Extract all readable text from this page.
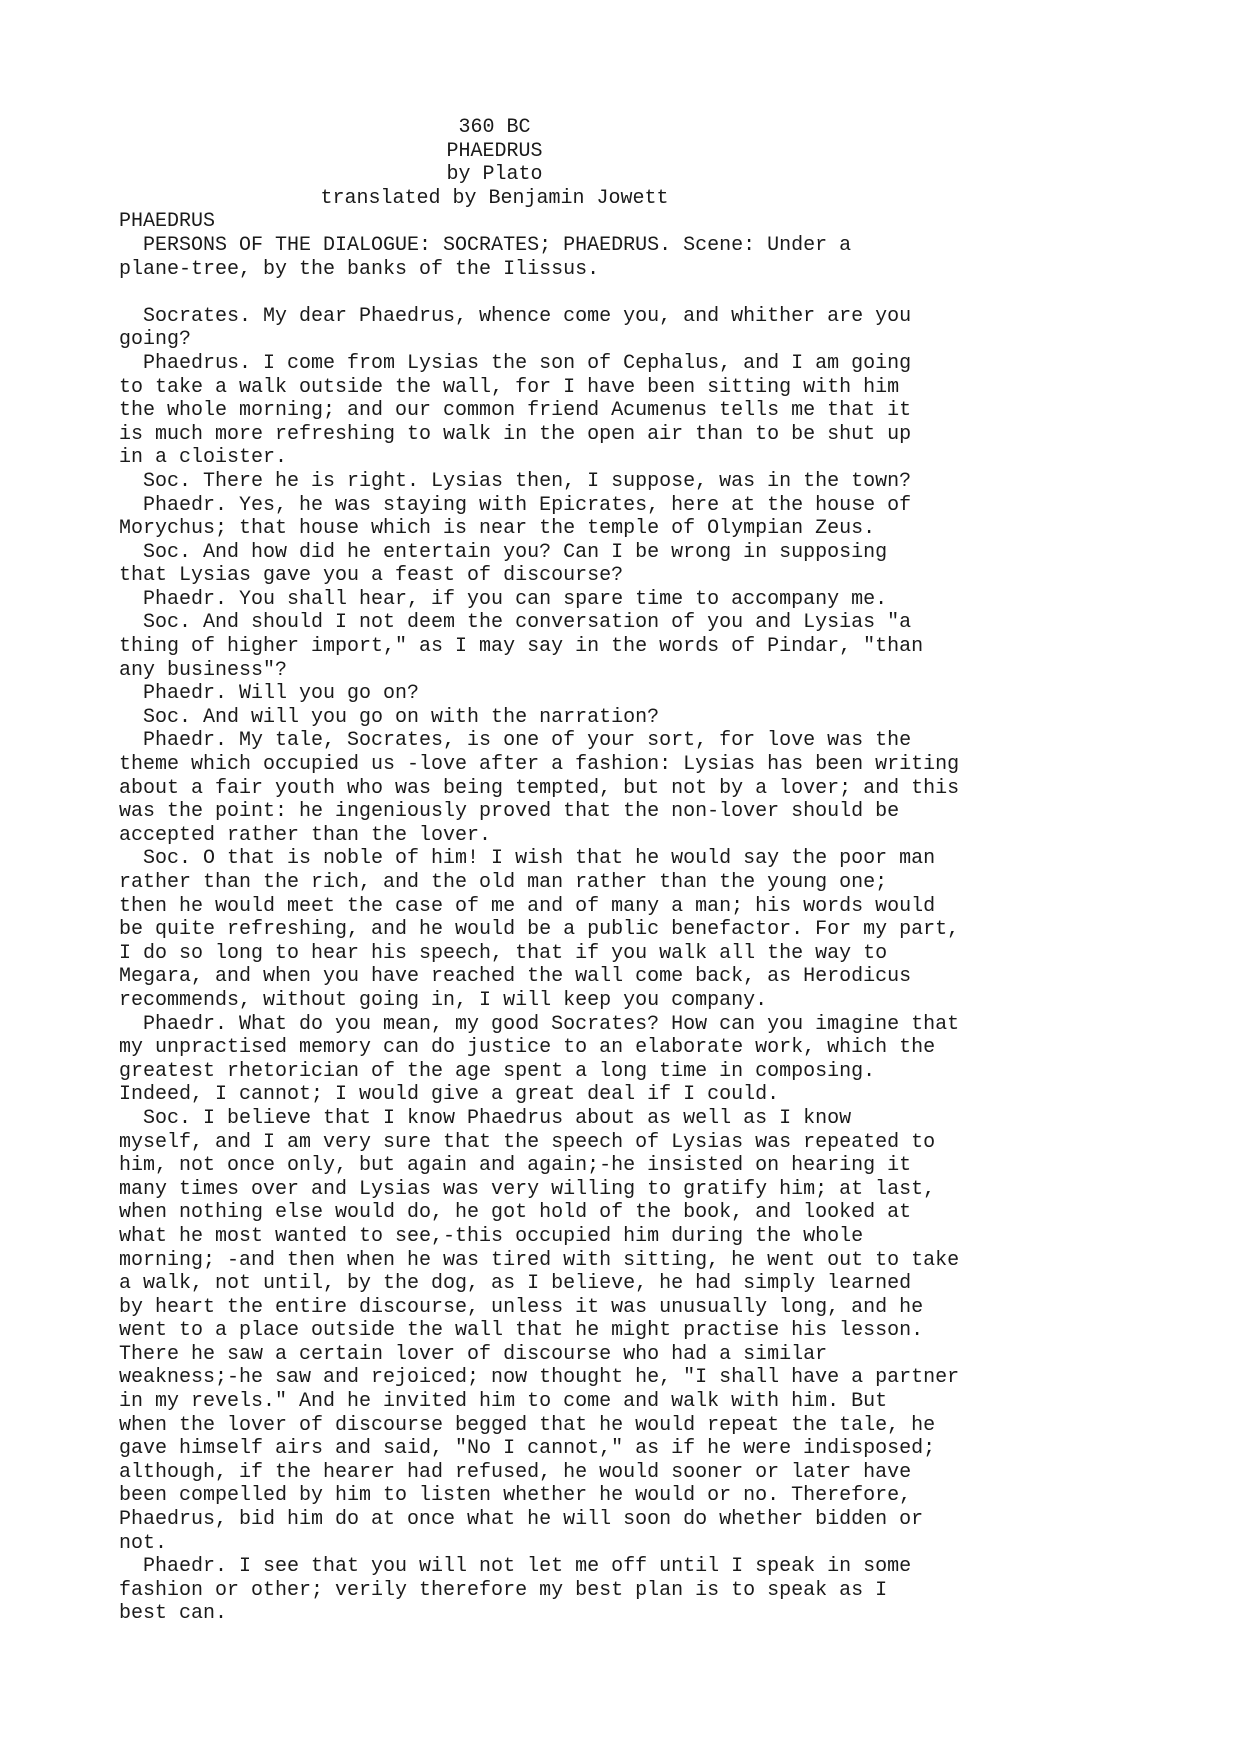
360 BC
PHAEDRUS
by Plato
translated by Benjamin Jowett
PHAEDRUS
PERSONS OF THE DIALOGUE: SOCRATES; PHAEDRUS. Scene: Under a
plane-tree, by the banks of the Ilissus.
Socrates. My dear Phaedrus, whence come you, and whither are you
going?
Phaedrus. I come from Lysias the son of Cephalus, and I am going
to take a walk outside the wall, for I have been sitting with him
the whole morning; and our common friend Acumenus tells me that it
is much more refreshing to walk in the open air than to be shut up
in a cloister.
Soc. There he is right. Lysias then, I suppose, was in the town?
Phaedr. Yes, he was staying with Epicrates, here at the house of
Morychus; that house which is near the temple of Olympian Zeus.
Soc. And how did he entertain you? Can I be wrong in supposing
that Lysias gave you a feast of discourse?
Phaedr. You shall hear, if you can spare time to accompany me.
Soc. And should I not deem the conversation of you and Lysias "a
thing of higher import," as I may say in the words of Pindar, "than
any business"?
Phaedr. Will you go on?
Soc. And will you go on with the narration?
Phaedr. My tale, Socrates, is one of your sort, for love was the
theme which occupied us -love after a fashion: Lysias has been writing
about a fair youth who was being tempted, but not by a lover; and this
was the point: he ingeniously proved that the non-lover should be
accepted rather than the lover.
Soc. O that is noble of him! I wish that he would say the poor man
rather than the rich, and the old man rather than the young one;
then he would meet the case of me and of many a man; his words would
be quite refreshing, and he would be a public benefactor. For my part,
I do so long to hear his speech, that if you walk all the way to
Megara, and when you have reached the wall come back, as Herodicus
recommends, without going in, I will keep you company.
Phaedr. What do you mean, my good Socrates? How can you imagine that
my unpractised memory can do justice to an elaborate work, which the
greatest rhetorician of the age spent a long time in composing.
Indeed, I cannot; I would give a great deal if I could.
Soc. I believe that I know Phaedrus about as well as I know
myself, and I am very sure that the speech of Lysias was repeated to
him, not once only, but again and again;-he insisted on hearing it
many times over and Lysias was very willing to gratify him; at last,
when nothing else would do, he got hold of the book, and looked at
what he most wanted to see,-this occupied him during the whole
morning; -and then when he was tired with sitting, he went out to take
a walk, not until, by the dog, as I believe, he had simply learned
by heart the entire discourse, unless it was unusually long, and he
went to a place outside the wall that he might practise his lesson.
There he saw a certain lover of discourse who had a similar
weakness;-he saw and rejoiced; now thought he, "I shall have a partner
in my revels." And he invited him to come and walk with him. But
when the lover of discourse begged that he would repeat the tale, he
gave himself airs and said, "No I cannot," as if he were indisposed;
although, if the hearer had refused, he would sooner or later have
been compelled by him to listen whether he would or no. Therefore,
Phaedrus, bid him do at once what he will soon do whether bidden or
not.
Phaedr. I see that you will not let me off until I speak in some
fashion or other; verily therefore my best plan is to speak as I
best can.
